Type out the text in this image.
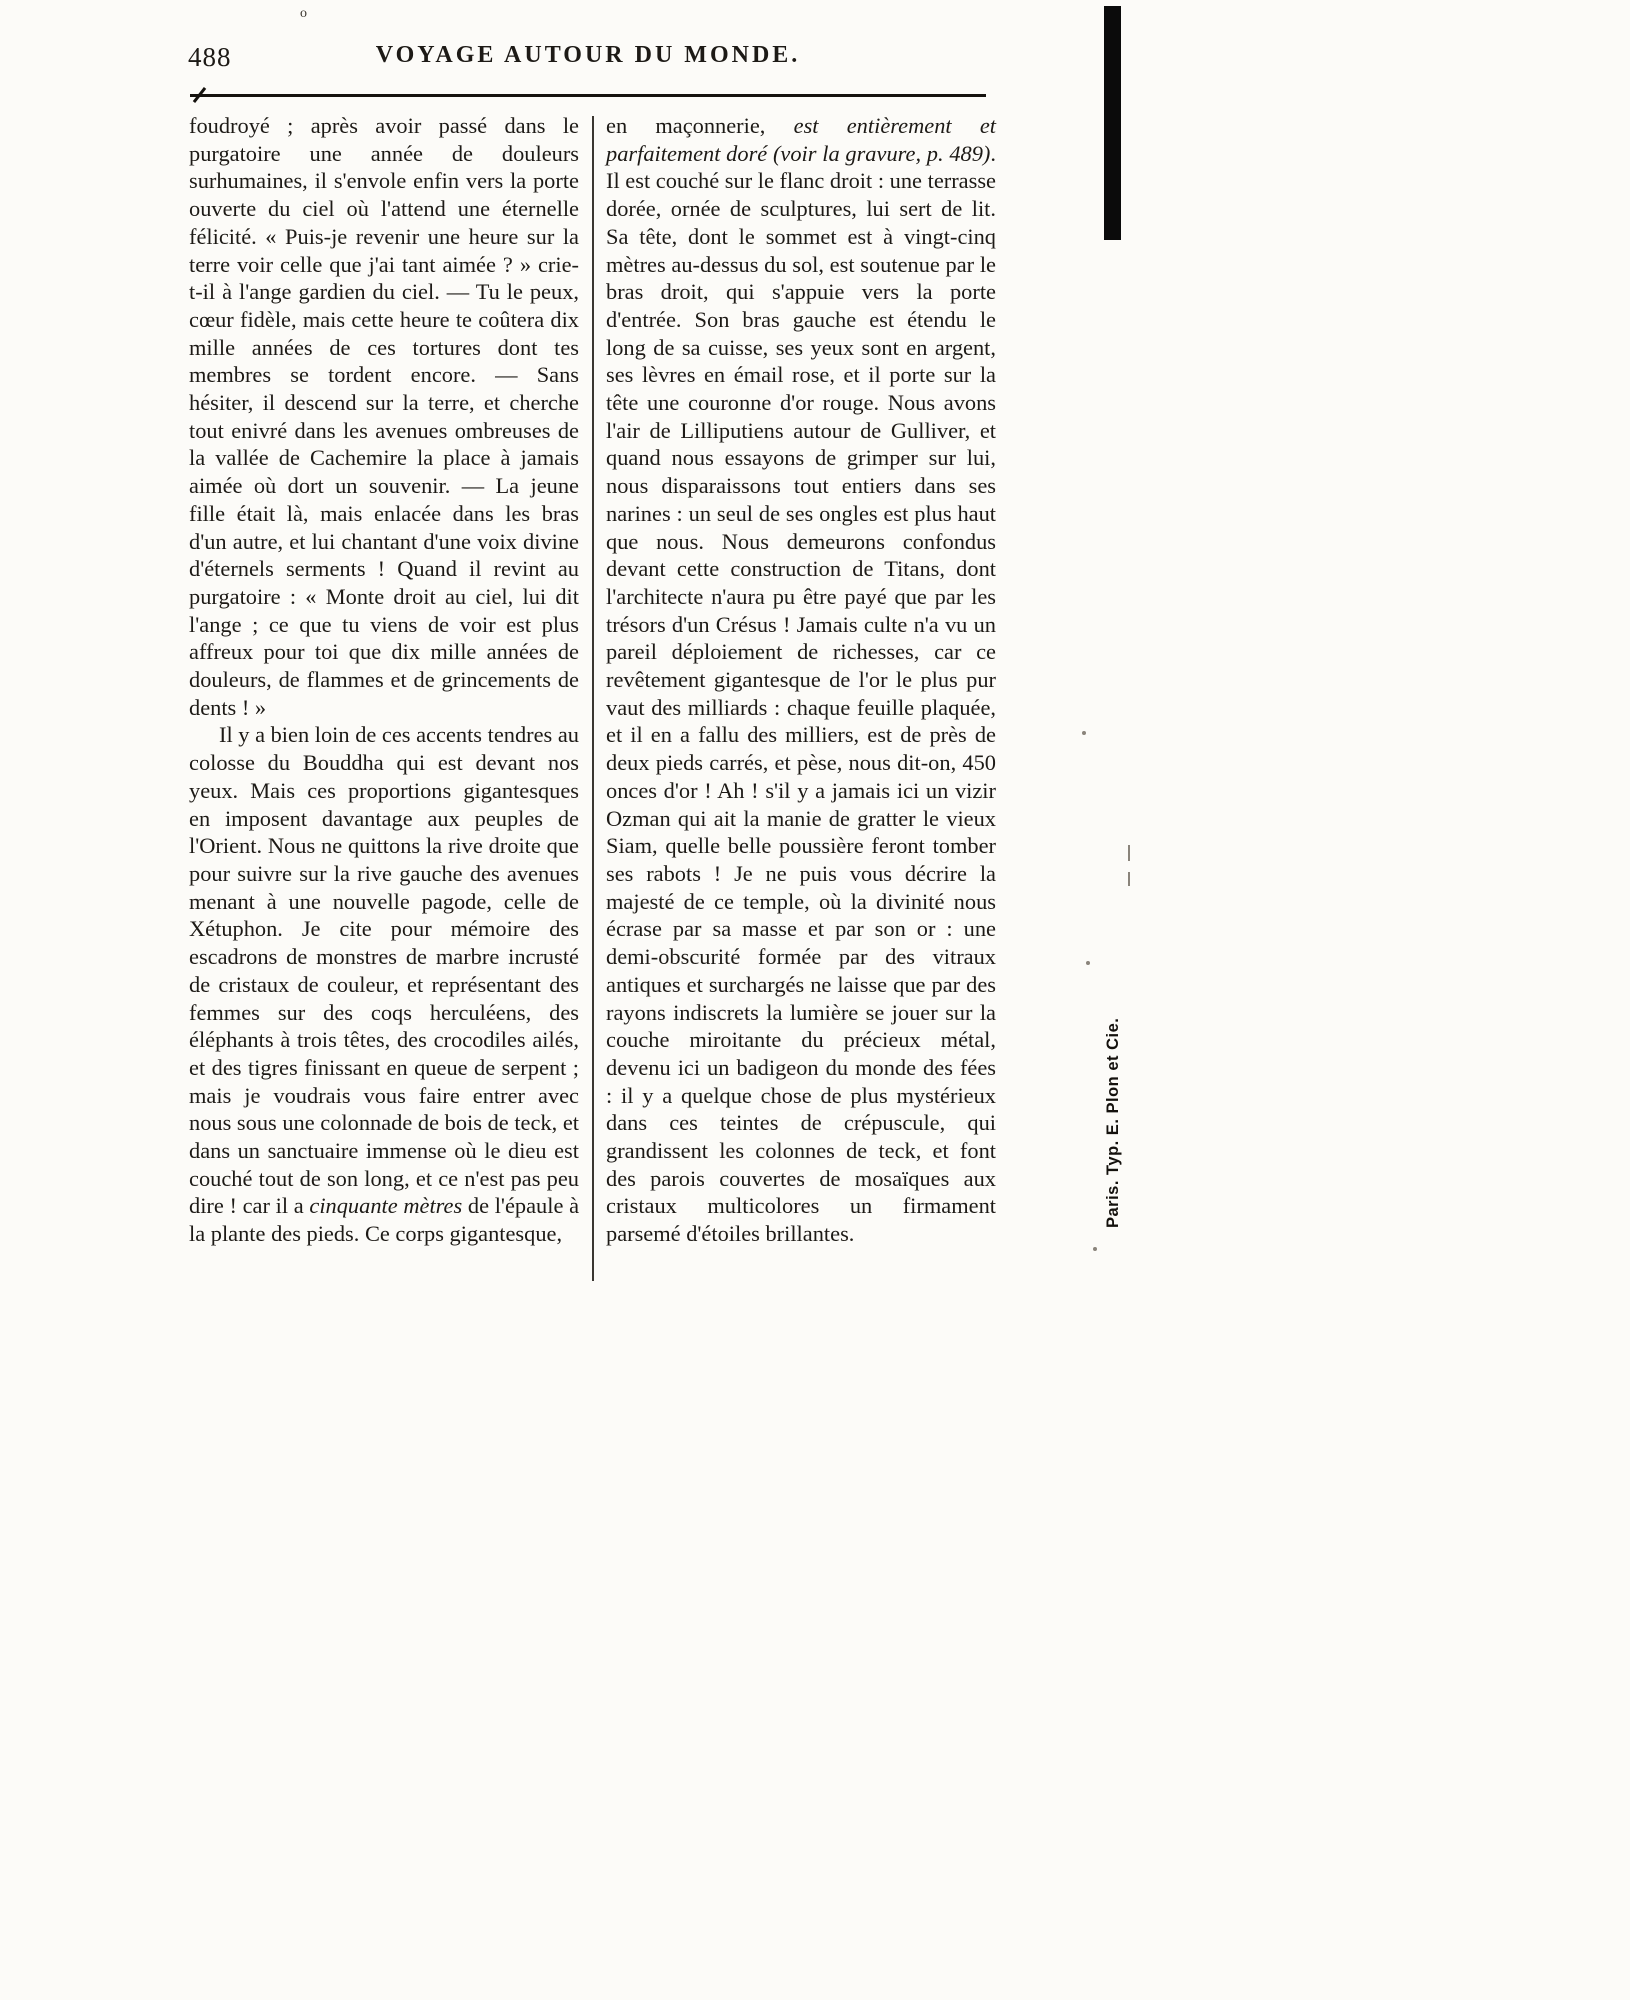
o
488	VOYAGE AUTOUR DU MONDE.

foudroyé ; après avoir passé dans le purgatoire une année de douleurs surhumaines, il s'envole enfin vers la porte ouverte du ciel où l'attend une éternelle félicité. « Puis-je revenir une heure sur la terre voir celle que j'ai tant aimée ? » crie-t-il à l'ange gardien du ciel. — Tu le peux, cœur fidèle, mais cette heure te coûtera dix mille années de ces tortures dont tes membres se tordent encore. — Sans hésiter, il descend sur la terre, et cherche tout enivré dans les avenues ombreuses de la vallée de Cachemire la place à jamais aimée où dort un souvenir. — La jeune fille était là, mais enlacée dans les bras d'un autre, et lui chantant d'une voix divine d'éternels serments ! Quand il revint au purgatoire : « Monte droit au ciel, lui dit l'ange ; ce que tu viens de voir est plus affreux pour toi que dix mille années de douleurs, de flammes et de grincements de dents ! »

Il y a bien loin de ces accents tendres au colosse du Bouddha qui est devant nos yeux. Mais ces proportions gigantesques en imposent davantage aux peuples de l'Orient. Nous ne quittons la rive droite que pour suivre sur la rive gauche des avenues menant à une nouvelle pagode, celle de Xétuphon. Je cite pour mémoire des escadrons de monstres de marbre incrusté de cristaux de couleur, et représentant des femmes sur des coqs herculéens, des éléphants à trois têtes, des crocodiles ailés, et des tigres finissant en queue de serpent ; mais je voudrais vous faire entrer avec nous sous une colonnade de bois de teck, et dans un sanctuaire immense où le dieu est couché tout de son long, et ce n'est pas peu dire ! car il a cinquante mètres de l'épaule à la plante des pieds. Ce corps gigantesque,

en maçonnerie, est entièrement et parfaitement doré (voir la gravure, p. 489). Il est couché sur le flanc droit : une terrasse dorée, ornée de sculptures, lui sert de lit. Sa tête, dont le sommet est à vingt-cinq mètres au-dessus du sol, est soutenue par le bras droit, qui s'appuie vers la porte d'entrée. Son bras gauche est étendu le long de sa cuisse, ses yeux sont en argent, ses lèvres en émail rose, et il porte sur la tête une couronne d'or rouge. Nous avons l'air de Lilliputiens autour de Gulliver, et quand nous essayons de grimper sur lui, nous disparaissons tout entiers dans ses narines : un seul de ses ongles est plus haut que nous. Nous demeurons confondus devant cette construction de Titans, dont l'architecte n'aura pu être payé que par les trésors d'un Crésus ! Jamais culte n'a vu un pareil déploiement de richesses, car ce revêtement gigantesque de l'or le plus pur vaut des milliards : chaque feuille plaquée, et il en a fallu des milliers, est de près de deux pieds carrés, et pèse, nous dit-on, 450 onces d'or ! Ah ! s'il y a jamais ici un vizir Ozman qui ait la manie de gratter le vieux Siam, quelle belle poussière feront tomber ses rabots ! Je ne puis vous décrire la majesté de ce temple, où la divinité nous écrase par sa masse et par son or : une demi-obscurité formée par des vitraux antiques et surchargés ne laisse que par des rayons indiscrets la lumière se jouer sur la couche miroitante du précieux métal, devenu ici un badigeon du monde des fées : il y a quelque chose de plus mystérieux dans ces teintes de crépuscule, qui grandissent les colonnes de teck, et font des parois couvertes de mosaïques aux cristaux multicolores un firmament parsemé d'étoiles brillantes.

Paris. Typ. E. Plon et Cie.
